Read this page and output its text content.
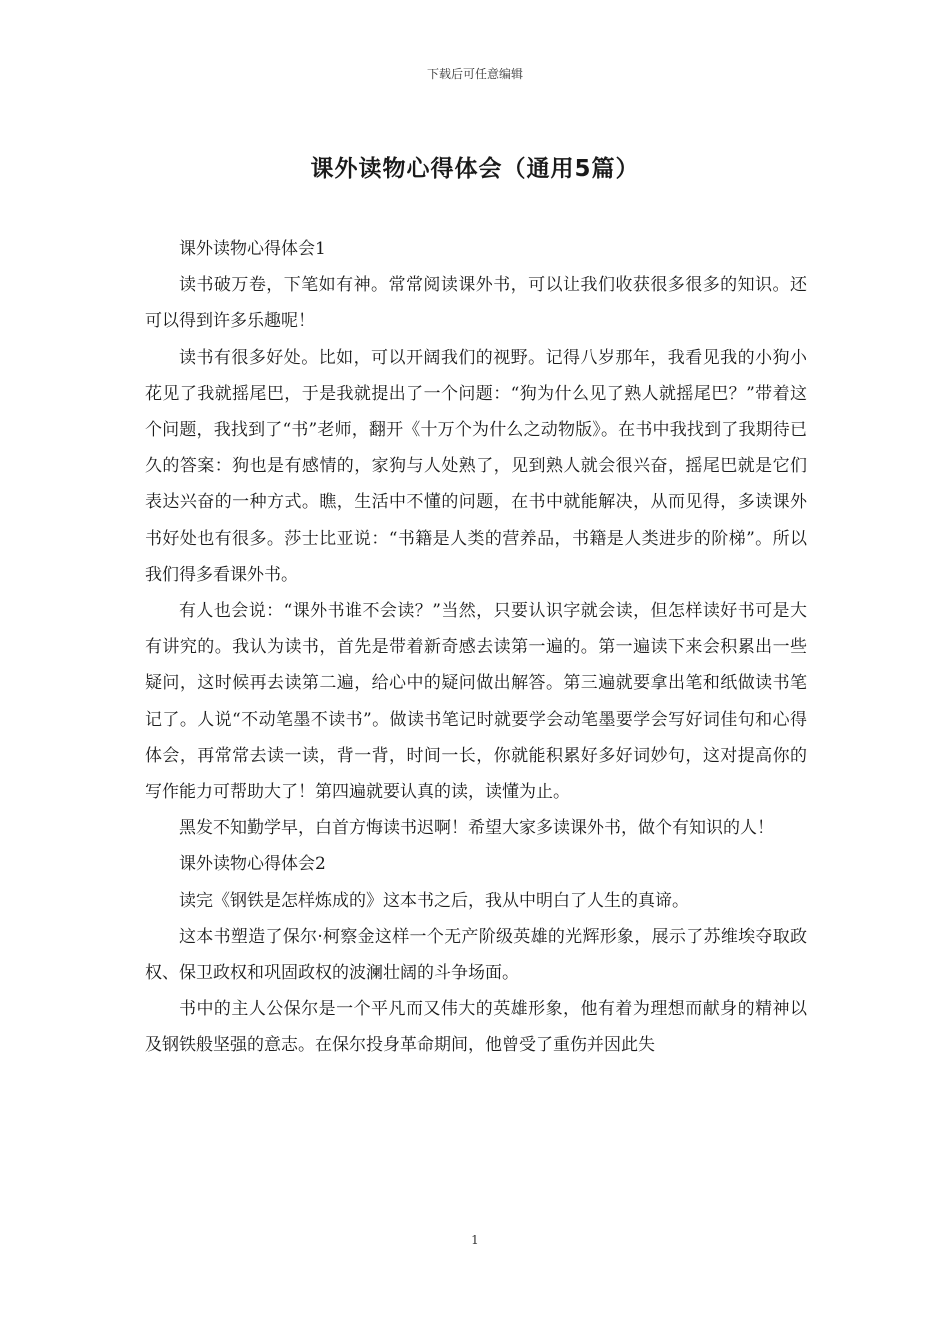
下载后可任意编辑
课外读物心得体会（通用5篇）

课外读物心得体会1

读书破万卷，下笔如有神。常常阅读课外书，可以让我们收获很多很多的知识。还可以得到许多乐趣呢！

读书有很多好处。比如，可以开阔我们的视野。记得八岁那年，我看见我的小狗小花见了我就摇尾巴，于是我就提出了一个问题：“狗为什么见了熟人就摇尾巴？”带着这个问题，我找到了“书”老师，翻开《十万个为什么之动物版》。在书中我找到了我期待已久的答案：狗也是有感情的，家狗与人处熟了，见到熟人就会很兴奋，摇尾巴就是它们表达兴奋的一种方式。瞧，生活中不懂的问题，在书中就能解决，从而见得，多读课外书好处也有很多。莎士比亚说：“书籍是人类的营养品，书籍是人类进步的阶梯”。所以我们得多看课外书。

有人也会说：“课外书谁不会读？”当然，只要认识字就会读，但怎样读好书可是大有讲究的。我认为读书，首先是带着新奇感去读第一遍的。第一遍读下来会积累出一些疑问，这时候再去读第二遍，给心中的疑问做出解答。第三遍就要拿出笔和纸做读书笔记了。人说“不动笔墨不读书”。做读书笔记时就要学会动笔墨要学会写好词佳句和心得体会，再常常去读一读，背一背，时间一长，你就能积累好多好词妙句，这对提高你的写作能力可帮助大了！第四遍就要认真的读，读懂为止。

黑发不知勤学早，白首方悔读书迟啊！希望大家多读课外书，做个有知识的人！

课外读物心得体会2

读完《钢铁是怎样炼成的》这本书之后，我从中明白了人生的真谛。

这本书塑造了保尔·柯察金这样一个无产阶级英雄的光辉形象，展示了苏维埃夺取政权、保卫政权和巩固政权的波澜壮阔的斗争场面。

书中的主人公保尔是一个平凡而又伟大的英雄形象，他有着为理想而献身的精神以及钢铁般坚强的意志。在保尔投身革命期间，他曾受了重伤并因此失

1
